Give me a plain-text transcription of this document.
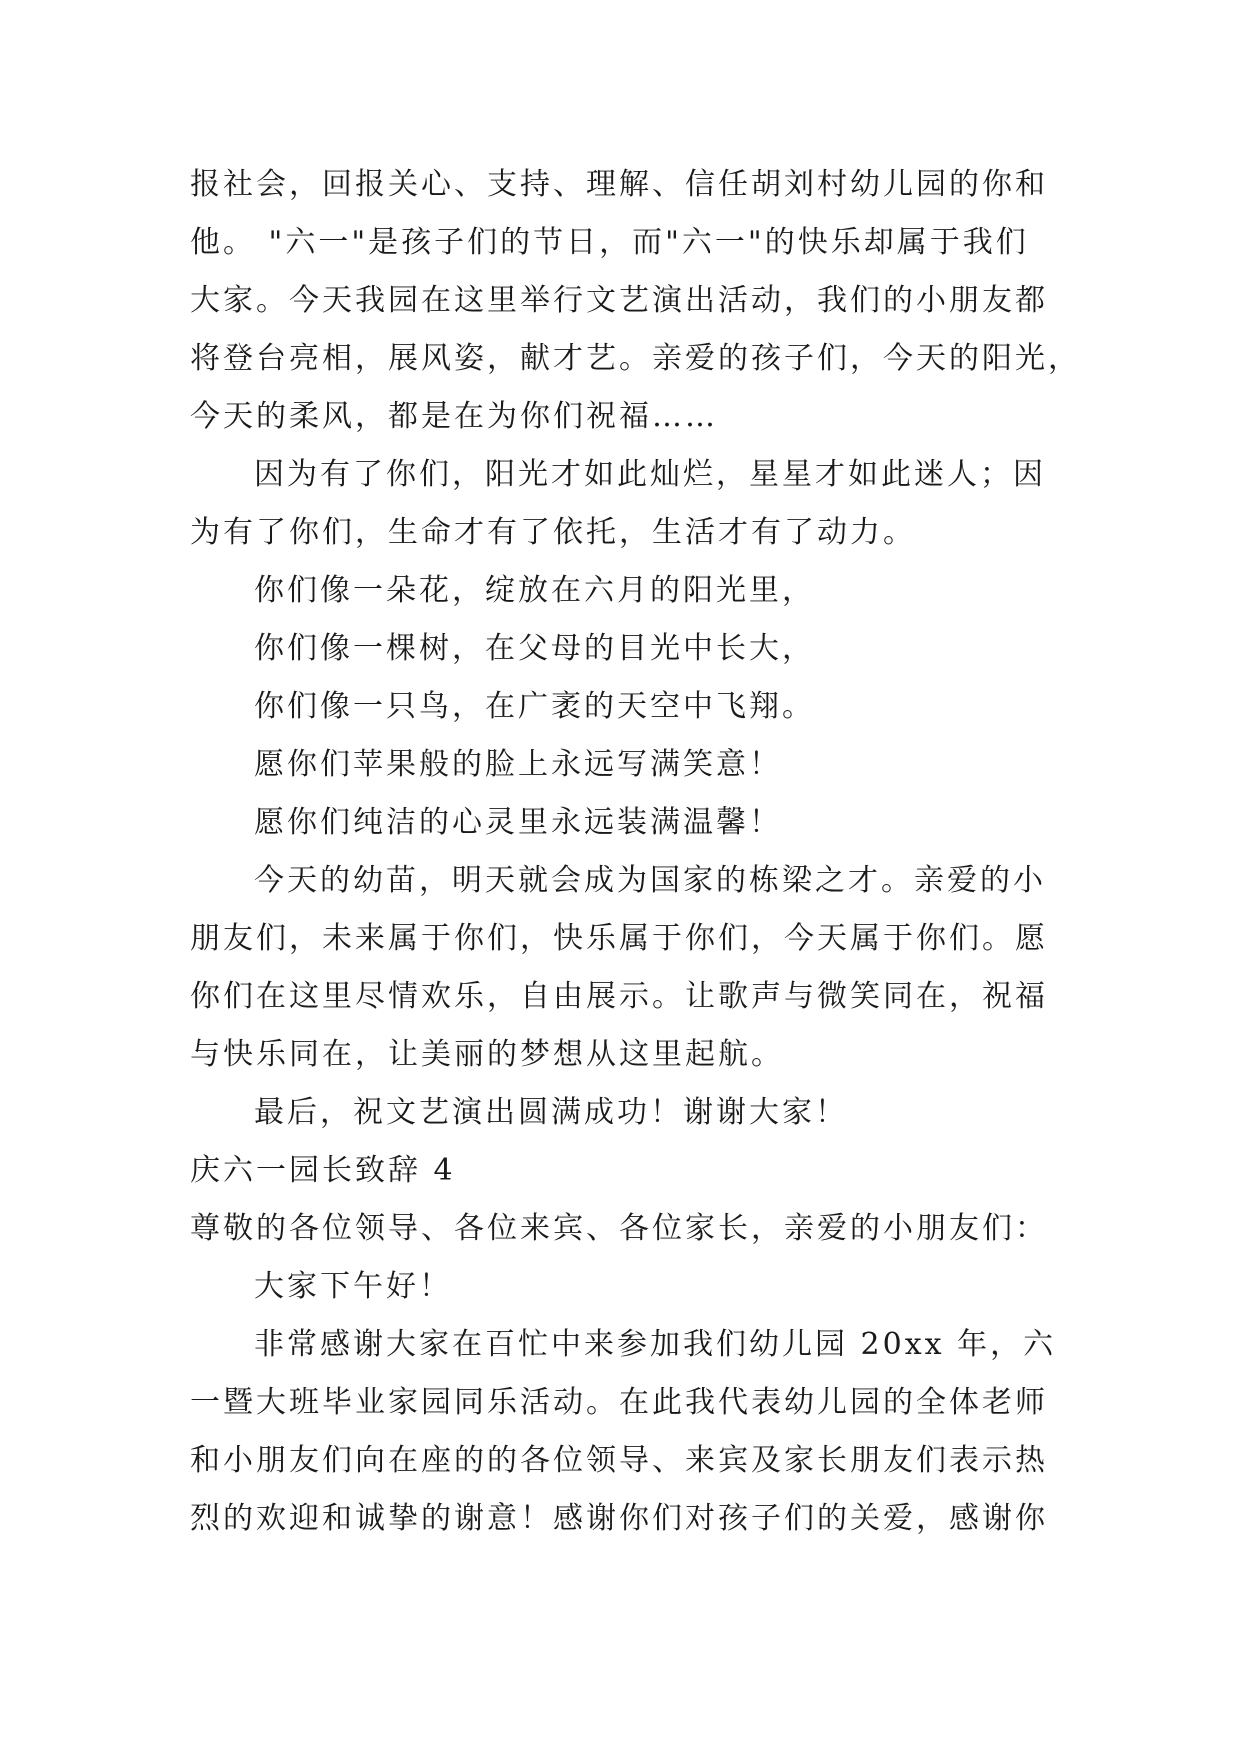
报社会，回报关心、支持、理解、信任胡刘村幼儿园的你和
他。 "六一"是孩子们的节日，而"六一"的快乐却属于我们
大家。今天我园在这里举行文艺演出活动，我们的小朋友都
将登台亮相，展风姿，献才艺。亲爱的孩子们，今天的阳光，
今天的柔风，都是在为你们祝福……
因为有了你们，阳光才如此灿烂，星星才如此迷人；因
为有了你们，生命才有了依托，生活才有了动力。
你们像一朵花，绽放在六月的阳光里，
你们像一棵树，在父母的目光中长大，
你们像一只鸟，在广袤的天空中飞翔。
愿你们苹果般的脸上永远写满笑意！
愿你们纯洁的心灵里永远装满温馨！
今天的幼苗，明天就会成为国家的栋梁之才。亲爱的小
朋友们，未来属于你们，快乐属于你们，今天属于你们。愿
你们在这里尽情欢乐，自由展示。让歌声与微笑同在，祝福
与快乐同在，让美丽的梦想从这里起航。
最后，祝文艺演出圆满成功！谢谢大家！
庆六一园长致辞 4
尊敬的各位领导、各位来宾、各位家长，亲爱的小朋友们：
大家下午好！
非常感谢大家在百忙中来参加我们幼儿园 20xx 年，六
一暨大班毕业家园同乐活动。在此我代表幼儿园的全体老师
和小朋友们向在座的的各位领导、来宾及家长朋友们表示热
烈的欢迎和诚挚的谢意！感谢你们对孩子们的关爱，感谢你
